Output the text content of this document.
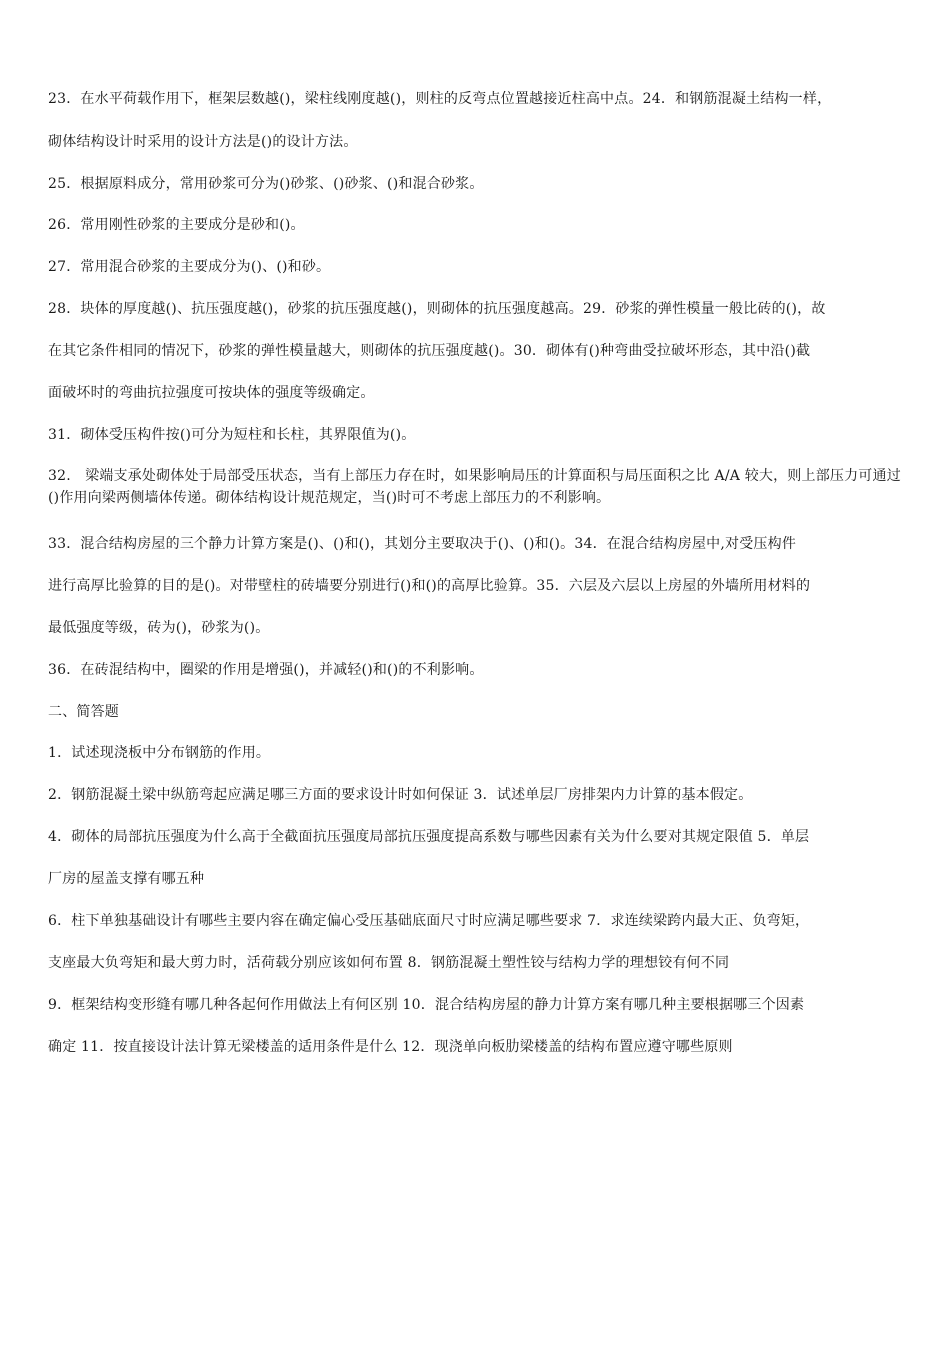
23．在水平荷载作用下，框架层数越()，梁柱线刚度越()，则柱的反弯点位置越接近柱高中点。24．和钢筋混凝土结构一样，
砌体结构设计时采用的设计方法是()的设计方法。
25．根据原料成分，常用砂浆可分为()砂浆、()砂浆、()和混合砂浆。
26．常用刚性砂浆的主要成分是砂和()。
27．常用混合砂浆的主要成分为()、()和砂。
28．块体的厚度越()、抗压强度越()，砂浆的抗压强度越()，则砌体的抗压强度越高。29．砂浆的弹性模量一般比砖的()，故
在其它条件相同的情况下，砂浆的弹性模量越大，则砌体的抗压强度越()。30．砌体有()种弯曲受拉破坏形态，其中沿()截
面破坏时的弯曲抗拉强度可按块体的强度等级确定。
31．砌体受压构件按()可分为短柱和长柱，其界限值为()。
32.　梁端支承处砌体处于局部受压状态，当有上部压力存在时，如果影响局压的计算面积与局压面积之比 A/A 较大，则上部压力可通过()作用向梁两侧墙体传递。砌体结构设计规范规定，当()时可不考虑上部压力的不利影响。
33．混合结构房屋的三个静力计算方案是()、()和()，其划分主要取决于()、()和()。34．在混合结构房屋中,对受压构件
进行高厚比验算的目的是()。对带壁柱的砖墙要分别进行()和()的高厚比验算。35．六层及六层以上房屋的外墙所用材料的
最低强度等级，砖为()，砂浆为()。
36．在砖混结构中，圈梁的作用是增强()，并减轻()和()的不利影响。
二、简答题
1．试述现浇板中分布钢筋的作用。
2．钢筋混凝土梁中纵筋弯起应满足哪三方面的要求设计时如何保证 3．试述单层厂房排架内力计算的基本假定。
4．砌体的局部抗压强度为什么高于全截面抗压强度局部抗压强度提高系数与哪些因素有关为什么要对其规定限值 5．单层
厂房的屋盖支撑有哪五种
6．柱下单独基础设计有哪些主要内容在确定偏心受压基础底面尺寸时应满足哪些要求 7．求连续梁跨内最大正、负弯矩，
支座最大负弯矩和最大剪力时，活荷载分别应该如何布置 8．钢筋混凝土塑性铰与结构力学的理想铰有何不同
9．框架结构变形缝有哪几种各起何作用做法上有何区别 10．混合结构房屋的静力计算方案有哪几种主要根据哪三个因素
确定 11．按直接设计法计算无梁楼盖的适用条件是什么 12．现浇单向板肋梁楼盖的结构布置应遵守哪些原则
